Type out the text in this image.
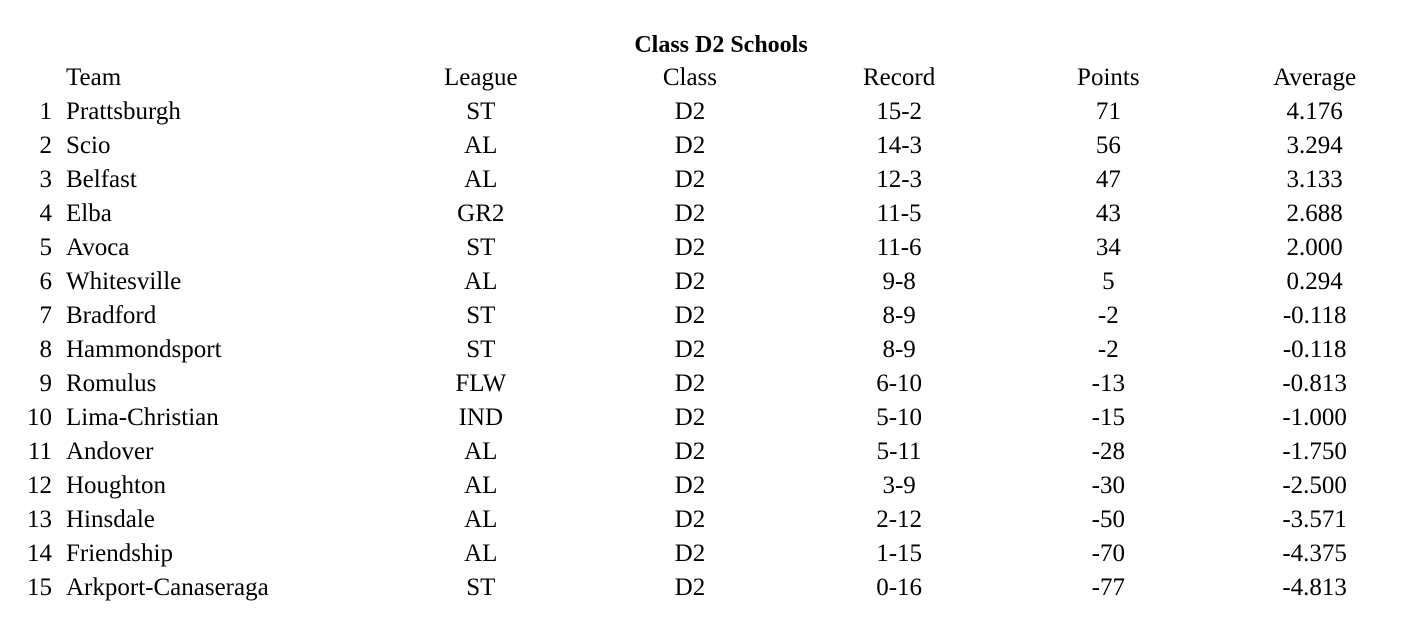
Class D2 Schools
	Team	League	Class	Record	Points	Average
1	Prattsburgh	ST	D2	15-2	71	4.176
2	Scio	AL	D2	14-3	56	3.294
3	Belfast	AL	D2	12-3	47	3.133
4	Elba	GR2	D2	11-5	43	2.688
5	Avoca	ST	D2	11-6	34	2.000
6	Whitesville	AL	D2	9-8	5	0.294
7	Bradford	ST	D2	8-9	-2	-0.118
8	Hammondsport	ST	D2	8-9	-2	-0.118
9	Romulus	FLW	D2	6-10	-13	-0.813
10	Lima-Christian	IND	D2	5-10	-15	-1.000
11	Andover	AL	D2	5-11	-28	-1.750
12	Houghton	AL	D2	3-9	-30	-2.500
13	Hinsdale	AL	D2	2-12	-50	-3.571
14	Friendship	AL	D2	1-15	-70	-4.375
15	Arkport-Canaseraga	ST	D2	0-16	-77	-4.813
